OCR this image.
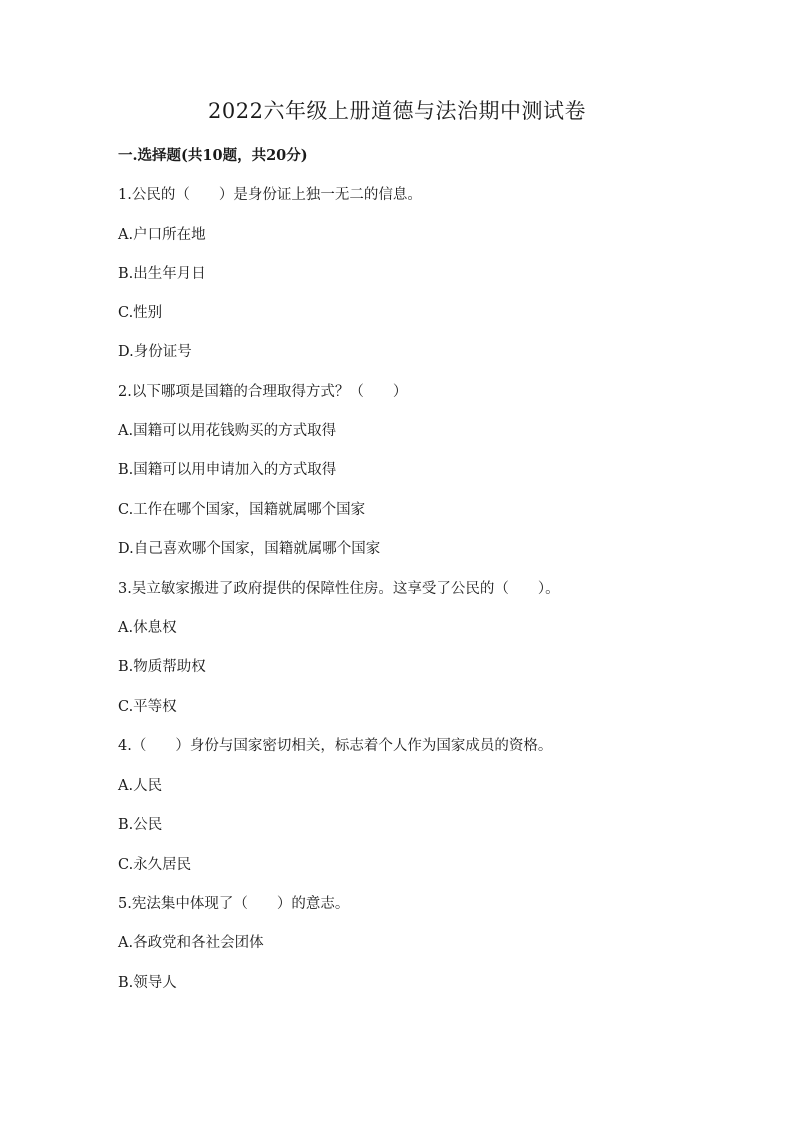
2022六年级上册道德与法治期中测试卷
一.选择题(共10题，共20分)
1.公民的（　　）是身份证上独一无二的信息。
A.户口所在地
B.出生年月日
C.性别
D.身份证号
2.以下哪项是国籍的合理取得方式？（　　）
A.国籍可以用花钱购买的方式取得
B.国籍可以用申请加入的方式取得
C.工作在哪个国家，国籍就属哪个国家
D.自己喜欢哪个国家，国籍就属哪个国家
3.吴立敏家搬进了政府提供的保障性住房。这享受了公民的（　　）。
A.休息权
B.物质帮助权
C.平等权
4.（　　）身份与国家密切相关，标志着个人作为国家成员的资格。
A.人民
B.公民
C.永久居民
5.宪法集中体现了（　　）的意志。
A.各政党和各社会团体
B.领导人
